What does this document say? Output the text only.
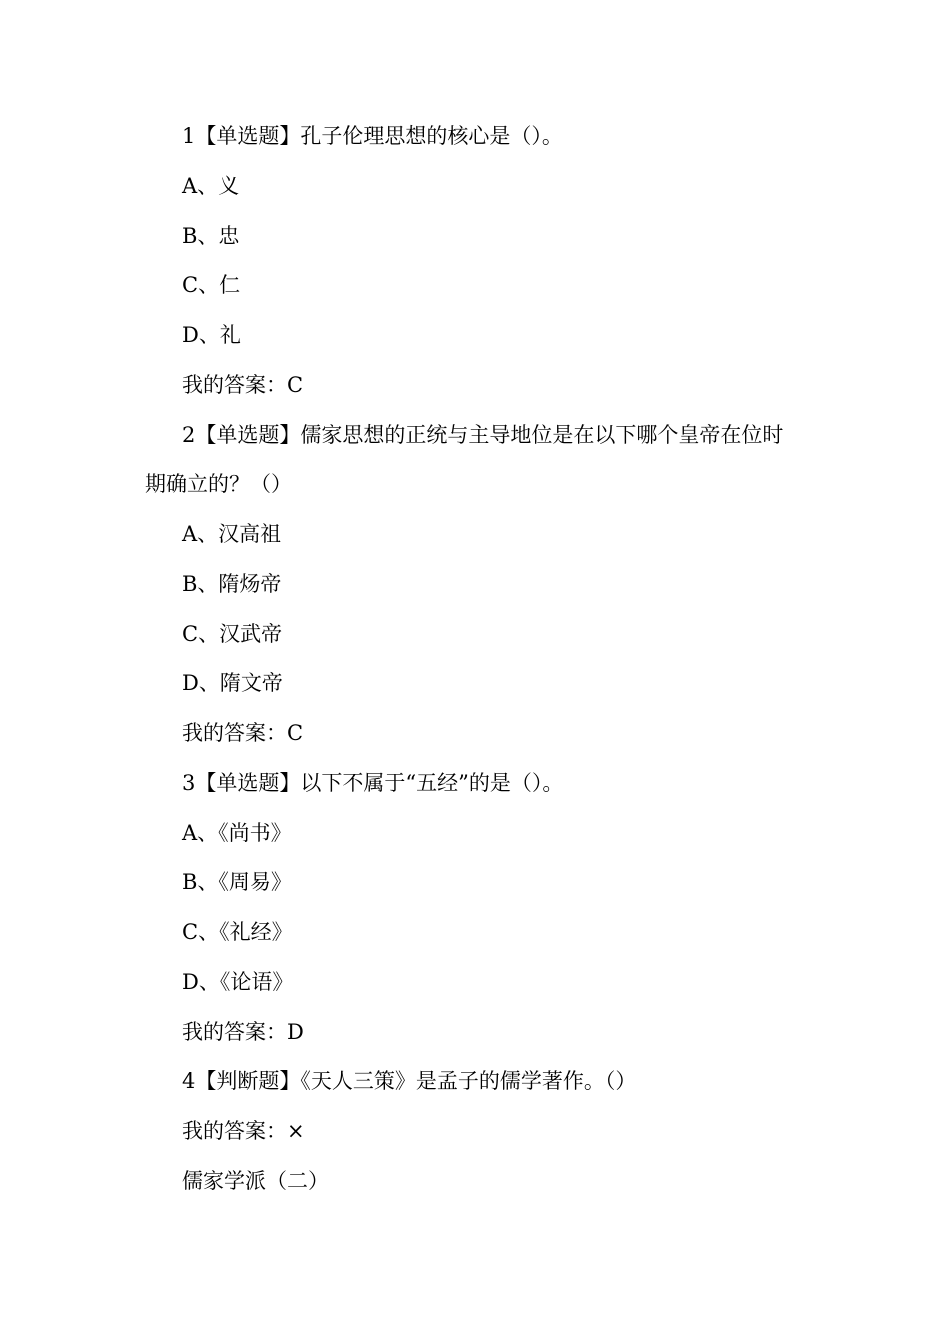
1【单选题】孔子伦理思想的核心是（）。
A、义
B、忠
C、仁
D、礼
我的答案：C
2【单选题】儒家思想的正统与主导地位是在以下哪个皇帝在位时
期确立的？（）
A、汉高祖
B、隋炀帝
C、汉武帝
D、隋文帝
我的答案：C
3【单选题】以下不属于“五经”的是（）。
A、《尚书》
B、《周易》
C、《礼经》
D、《论语》
我的答案：D
4【判断题】《天人三策》是孟子的儒学著作。（）
我的答案：×
儒家学派（二）
